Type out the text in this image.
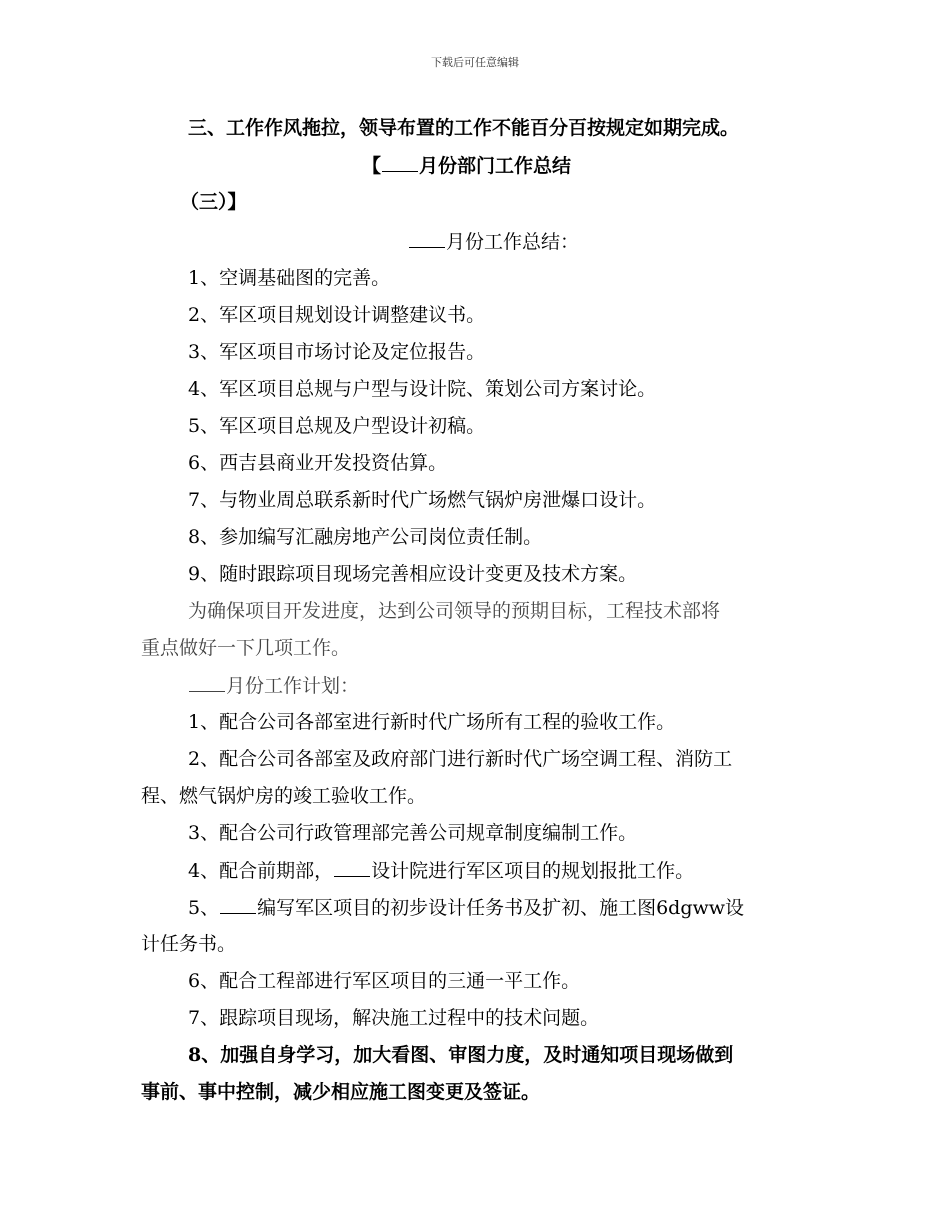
下载后可任意编辑
三、工作作风拖拉，领导布置的工作不能百分百按规定如期完成。
【 月份部门工作总结
（三）】
月份工作总结：
1、空调基础图的完善。
2、军区项目规划设计调整建议书。
3、军区项目市场讨论及定位报告。
4、军区项目总规与户型与设计院、策划公司方案讨论。
5、军区项目总规及户型设计初稿。
6、西吉县商业开发投资估算。
7、与物业周总联系新时代广场燃气锅炉房泄爆口设计。
8、参加编写汇融房地产公司岗位责任制。
9、随时跟踪项目现场完善相应设计变更及技术方案。
为确保项目开发进度，达到公司领导的预期目标，工程技术部将
重点做好一下几项工作。
月份工作计划：
1、配合公司各部室进行新时代广场所有工程的验收工作。
2、配合公司各部室及政府部门进行新时代广场空调工程、消防工
程、燃气锅炉房的竣工验收工作。
3、配合公司行政管理部完善公司规章制度编制工作。
4、配合前期部， 设计院进行军区项目的规划报批工作。
5、 编写军区项目的初步设计任务书及扩初、施工图6dgww设
计任务书。
6、配合工程部进行军区项目的三通一平工作。
7、跟踪项目现场，解决施工过程中的技术问题。
8、加强自身学习，加大看图、审图力度，及时通知项目现场做到
事前、事中控制，减少相应施工图变更及签证。
